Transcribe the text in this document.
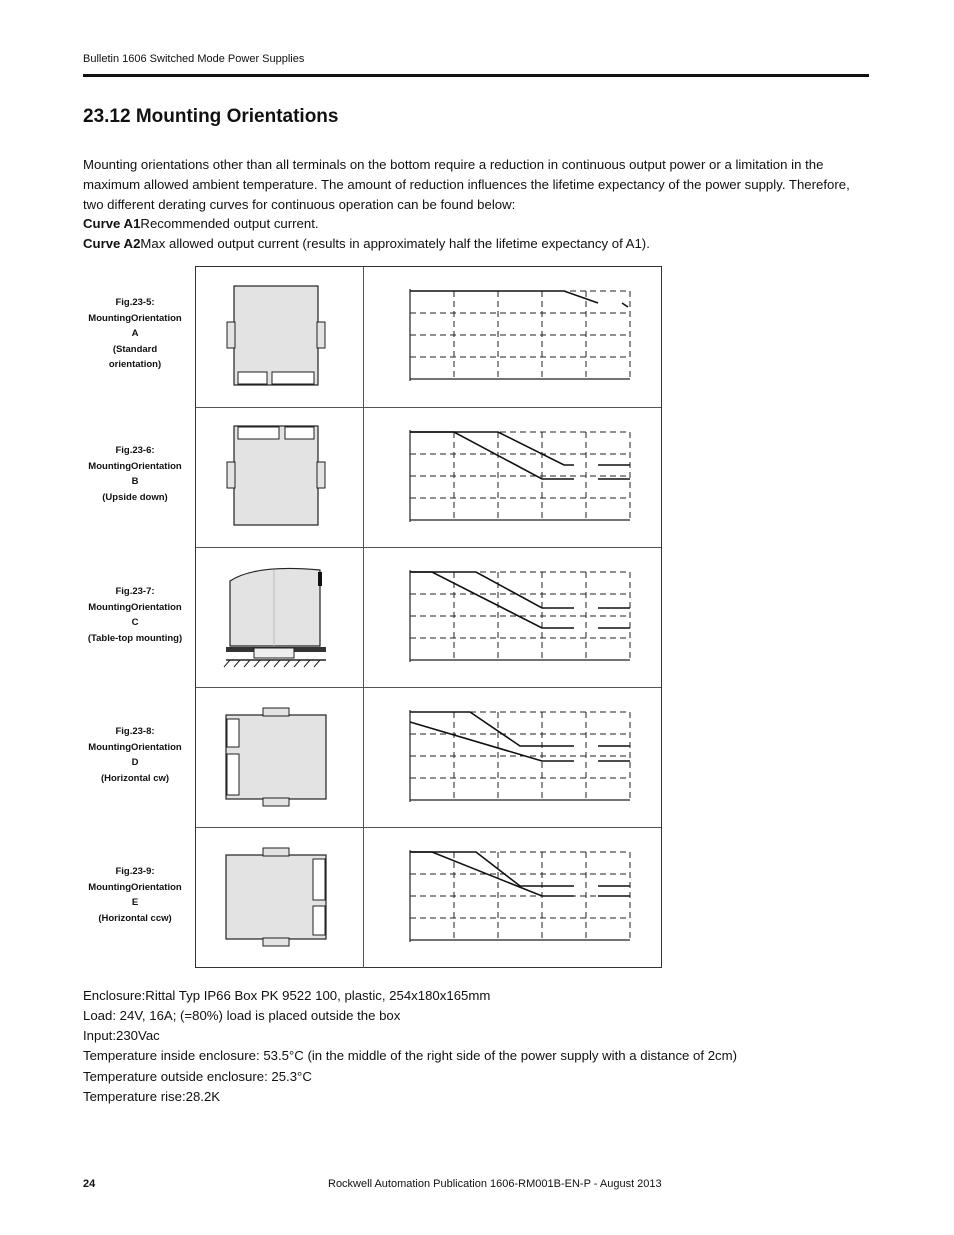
Bulletin 1606 Switched Mode Power Supplies
23.12 Mounting Orientations
Mounting orientations other than all terminals on the bottom require a reduction in continuous output power or a limitation in the maximum allowed ambient temperature. The amount of reduction influences the lifetime expectancy of the power supply. Therefore, two different derating curves for continuous operation can be found below:
Curve A1Recommended output current.
Curve A2Max allowed output current (results in approximately half the lifetime expectancy of A1).
Fig.23-5:
MountingOrientation
A
(Standard
orientation)
Fig.23-6:
MountingOrientation
B
(Upside down)
Fig.23-7:
MountingOrientation
C
(Table-top mounting)
Fig.23-8:
MountingOrientation
D
(Horizontal cw)
Fig.23-9:
MountingOrientation
E
(Horizontal ccw)
Enclosure:Rittal Typ IP66 Box PK 9522 100, plastic, 254x180x165mm
Load: 24V, 16A; (=80%) load is placed outside the box
Input:230Vac
Temperature inside enclosure: 53.5°C (in the middle of the right side of the power supply with a distance of 2cm)
Temperature outside enclosure: 25.3°C
Temperature rise:28.2K
24	Rockwell Automation Publication 1606-RM001B-EN-P - August 2013
